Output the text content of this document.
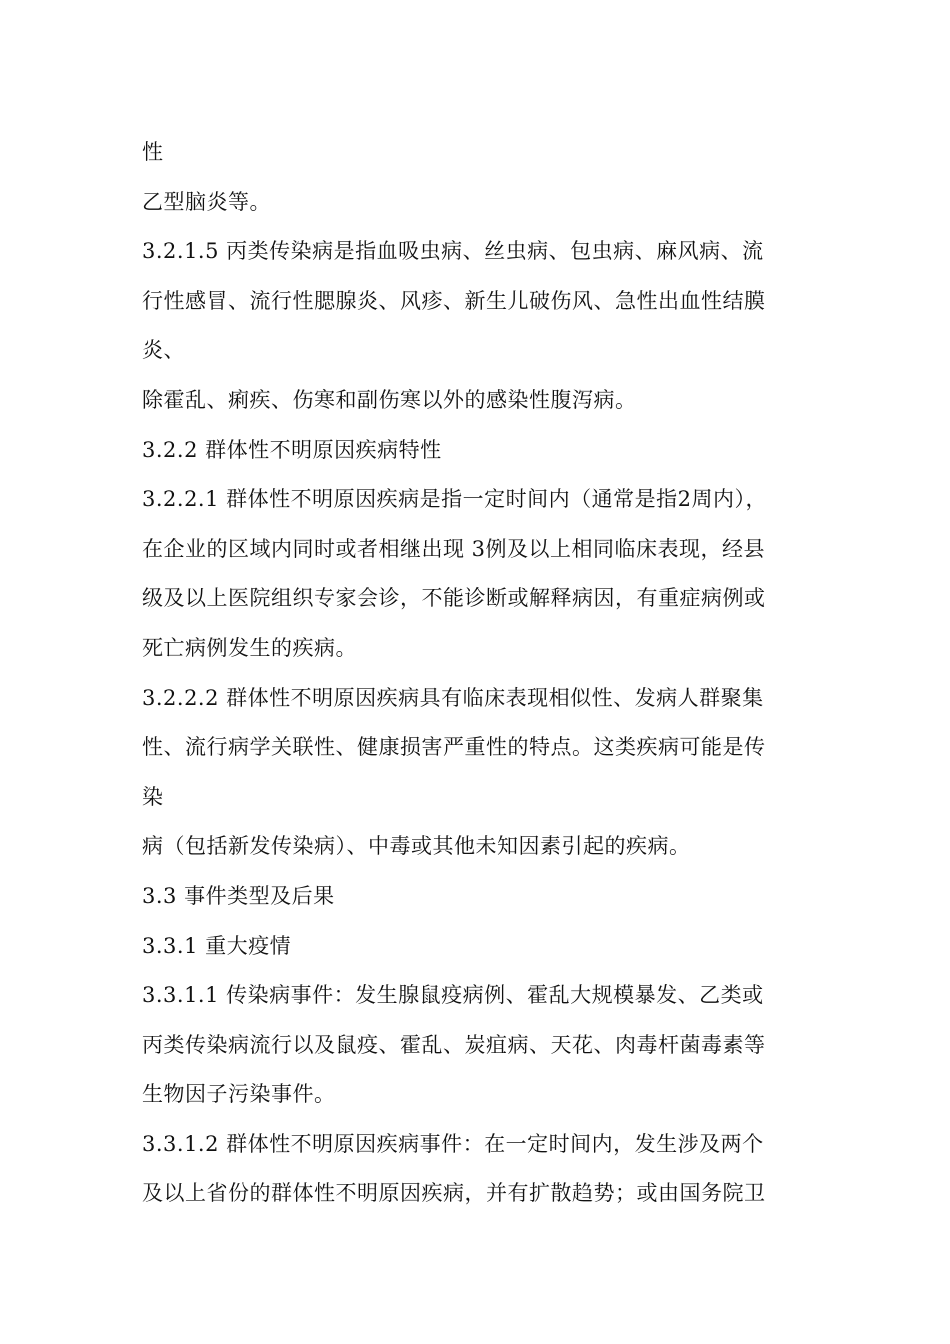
性
乙型脑炎等。
3.2.1.5 丙类传染病是指血吸虫病、丝虫病、包虫病、麻风病、流
行性感冒、流行性腮腺炎、风疹、新生儿破伤风、急性出血性结膜
炎、
除霍乱、痢疾、伤寒和副伤寒以外的感染性腹泻病。
3.2.2 群体性不明原因疾病特性
3.2.2.1 群体性不明原因疾病是指一定时间内（通常是指2周内），
在企业的区域内同时或者相继出现 3例及以上相同临床表现，经县
级及以上医院组织专家会诊，不能诊断或解释病因，有重症病例或
死亡病例发生的疾病。
3.2.2.2 群体性不明原因疾病具有临床表现相似性、发病人群聚集
性、流行病学关联性、健康损害严重性的特点。这类疾病可能是传
染
病（包括新发传染病）、中毒或其他未知因素引起的疾病。
3.3 事件类型及后果
3.3.1 重大疫情
3.3.1.1 传染病事件：发生腺鼠疫病例、霍乱大规模暴发、乙类或
丙类传染病流行以及鼠疫、霍乱、炭疽病、天花、肉毒杆菌毒素等
生物因子污染事件。
3.3.1.2 群体性不明原因疾病事件：在一定时间内，发生涉及两个
及以上省份的群体性不明原因疾病，并有扩散趋势；或由国务院卫
